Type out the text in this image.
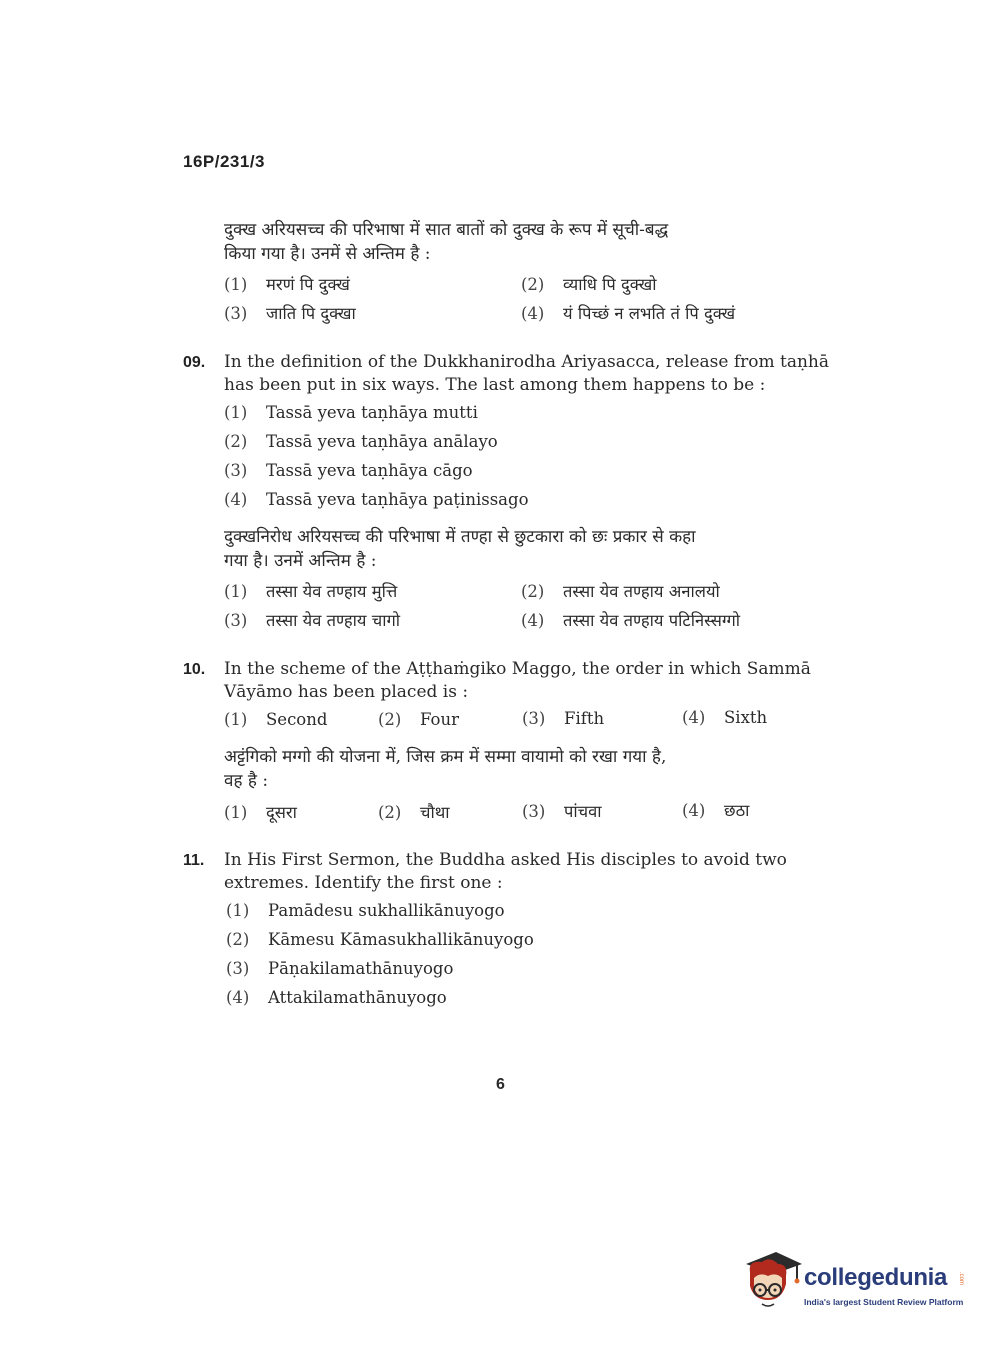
16P/231/3
दुक्ख अरियसच्च की परिभाषा में सात बातों को दुक्ख के रूप में सूची-बद्ध
किया गया है। उनमें से अन्तिम है :
(1) मरणं पि दुक्खं	(2) व्याधि पि दुक्खो
(3) जाति पि दुक्खा	(4) यं पिच्छं न लभति तं पि दुक्खं
09. In the definition of the Dukkhanirodha Ariyasacca, release from taṇhā
has been put in six ways. The last among them happens to be :
(1) Tassā yeva taṇhāya mutti
(2) Tassā yeva taṇhāya anālayo
(3) Tassā yeva taṇhāya cāgo
(4) Tassā yeva taṇhāya paṭinissago
दुक्खनिरोध अरियसच्च की परिभाषा में तण्हा से छुटकारा को छः प्रकार से कहा
गया है। उनमें अन्तिम है :
(1) तस्सा येव तण्हाय मुत्ति	(2) तस्सा येव तण्हाय अनालयो
(3) तस्सा येव तण्हाय चागो	(4) तस्सा येव तण्हाय पटिनिस्सग्गो
10. In the scheme of the Aṭṭhaṁgiko Maggo, the order in which Sammā
Vāyāmo has been placed is :
(1) Second	(2) Four	(3) Fifth	(4) Sixth
अट्टंगिको मग्गो की योजना में, जिस क्रम में सम्मा वायामो को रखा गया है,
वह है :
(1) दूसरा	(2) चौथा	(3) पांचवा	(4) छठा
11. In His First Sermon, the Buddha asked His disciples to avoid two
extremes. Identify the first one :
(1) Pamādesu sukhallikānuyogo
(2) Kāmesu Kāmasukhallikānuyogo
(3) Pāṇakilamathānuyogo
(4) Attakilamathānuyogo
6
collegedunia .com
India's largest Student Review Platform
